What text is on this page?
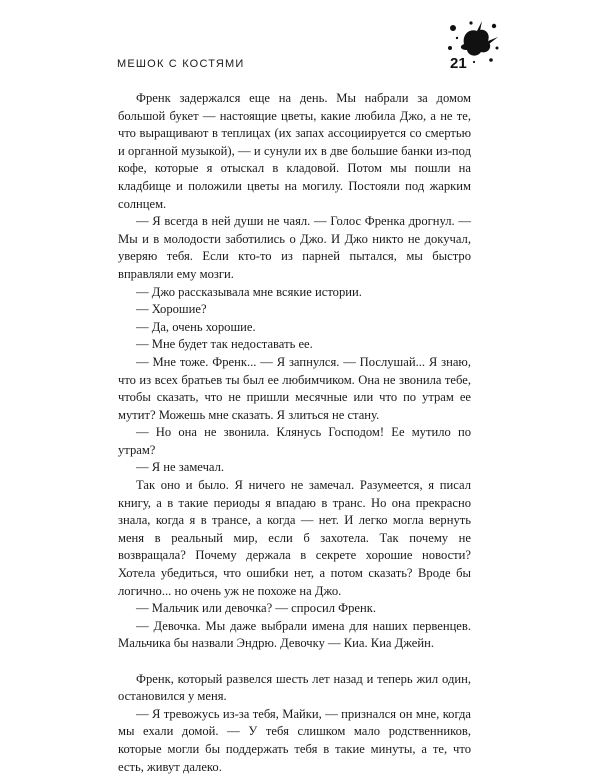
МЕШОК С КОСТЯМИ	21

Френк задержался еще на день. Мы набрали за домом большой букет — настоящие цветы, какие любила Джо, а не те, что выращивают в теплицах (их запах ассоциируется со смертью и органной музыкой), — и сунули их в две большие банки из-под кофе, которые я отыскал в кладовой. Потом мы пошли на кладбище и положили цветы на могилу. Постояли под жарким солнцем.

— Я всегда в ней души не чаял. — Голос Френка дрогнул. — Мы и в молодости заботились о Джо. И Джо никто не докучал, уверяю тебя. Если кто-то из парней пытался, мы быстро вправляли ему мозги.

— Джо рассказывала мне всякие истории.

— Хорошие?

— Да, очень хорошие.

— Мне будет так недоставать ее.

— Мне тоже. Френк... — Я запнулся. — Послушай... Я знаю, что из всех братьев ты был ее любимчиком. Она не звонила тебе, чтобы сказать, что не пришли месячные или что по утрам ее мутит? Можешь мне сказать. Я злиться не стану.

— Но она не звонила. Клянусь Господом! Ее мутило по утрам?

— Я не замечал.

Так оно и было. Я ничего не замечал. Разумеется, я писал книгу, а в такие периоды я впадаю в транс. Но она прекрасно знала, когда я в трансе, а когда — нет. И легко могла вернуть меня в реальный мир, если б захотела. Так почему не возвращала? Почему держала в секрете хорошие новости? Хотела убедиться, что ошибки нет, а потом сказать? Вроде бы логично... но очень уж не похоже на Джо.

— Мальчик или девочка? — спросил Френк.

— Девочка. Мы даже выбрали имена для наших первенцев. Мальчика бы назвали Эндрю. Девочку — Киа. Киа Джейн.

Френк, который развелся шесть лет назад и теперь жил один, остановился у меня.

— Я тревожусь из-за тебя, Майки, — признался он мне, когда мы ехали домой. — У тебя слишком мало родственников, которые могли бы поддержать тебя в такие минуты, а те, что есть, живут далеко.
